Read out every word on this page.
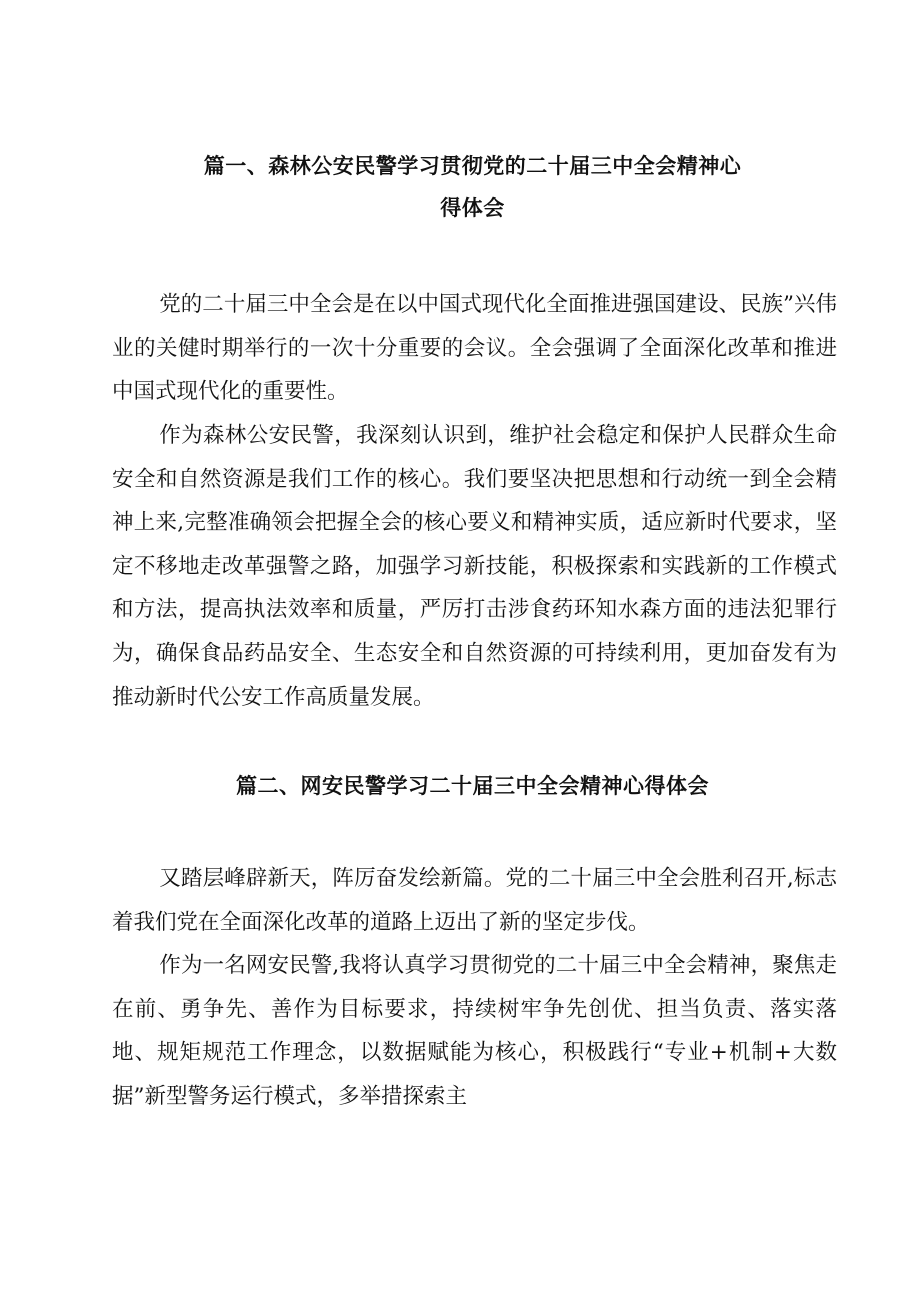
篇一、森林公安民警学习贯彻党的二十届三中全会精神心
得体会

党的二十届三中全会是在以中国式现代化全面推进强国建设、民族”兴伟业的关健时期举行的一次十分重要的会议。全会强调了全面深化改革和推进中国式现代化的重要性。

作为森林公安民警，我深刻认识到，维护社会稳定和保护人民群众生命安全和自然资源是我们工作的核心。我们要坚决把思想和行动统一到全会精神上来,完整准确领会把握全会的核心要义和精神实质，适应新时代要求，坚定不移地走改革强警之路，加强学习新技能，积极探索和实践新的工作模式和方法，提高执法效率和质量，严厉打击涉食药环知水森方面的违法犯罪行为，确保食品药品安全、生态安全和自然资源的可持续利用，更加奋发有为推动新时代公安工作高质量发展。

篇二、网安民警学习二十届三中全会精神心得体会

又踏层峰辟新天，阵厉奋发绘新篇。党的二十届三中全会胜利召开,标志着我们党在全面深化改革的道路上迈出了新的坚定步伐。

作为一名网安民警,我将认真学习贯彻党的二十届三中全会精神，聚焦走在前、勇争先、善作为目标要求，持续树牢争先创优、担当负责、落实落地、规矩规范工作理念，以数据赋能为核心，积极践行“专业+机制+大数据”新型警务运行模式，多举措探索主
